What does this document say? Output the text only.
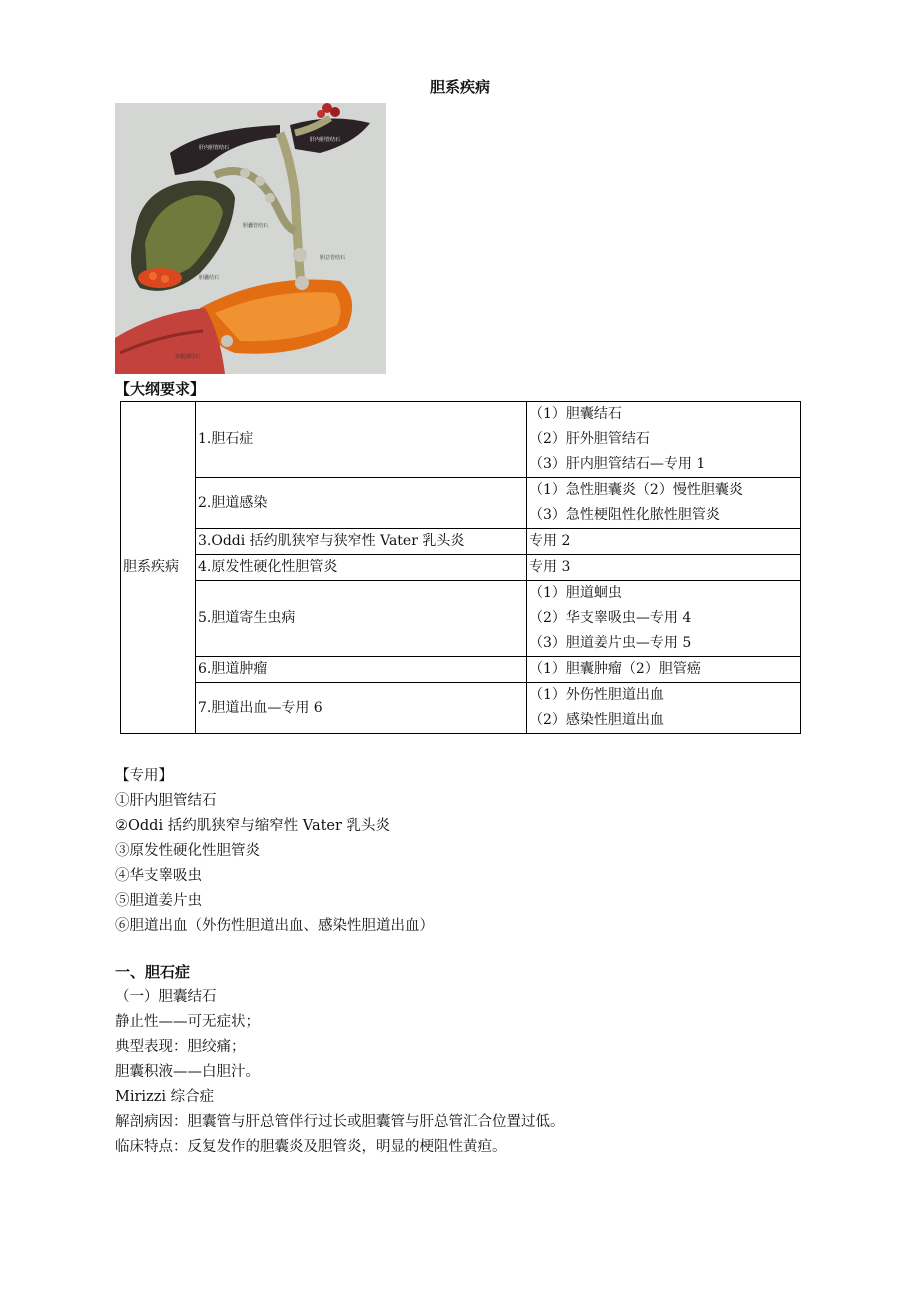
胆系疾病
肝内胆管结石
肝内胆管结石
胆囊管结石
胆总管结石
胆囊结石
壶腹部结石
【大纲要求】
胆系疾病	1.胆石症	（1）胆囊结石
（2）肝外胆管结石
（3）肝内胆管结石—专用 1

	2.胆道感染	（1）急性胆囊炎（2）慢性胆囊炎
（3）急性梗阻性化脓性胆管炎

	3.Oddi 括约肌狭窄与狭窄性 Vater 乳头炎	专用 2

	4.原发性硬化性胆管炎	专用 3

	5.胆道寄生虫病	（1）胆道蛔虫
（2）华支睾吸虫—专用 4
（3）胆道姜片虫—专用 5

	6.胆道肿瘤	（1）胆囊肿瘤（2）胆管癌

	7.胆道出血—专用 6	（1）外伤性胆道出血
（2）感染性胆道出血
【专用】
①肝内胆管结石
②Oddi 括约肌狭窄与缩窄性 Vater 乳头炎
③原发性硬化性胆管炎
④华支睾吸虫
⑤胆道姜片虫
⑥胆道出血（外伤性胆道出血、感染性胆道出血）
一、胆石症
（一）胆囊结石
静止性——可无症状；
典型表现：胆绞痛；
胆囊积液——白胆汁。
Mirizzi 综合症
解剖病因：胆囊管与肝总管伴行过长或胆囊管与肝总管汇合位置过低。
临床特点：反复发作的胆囊炎及胆管炎，明显的梗阻性黄疸。
